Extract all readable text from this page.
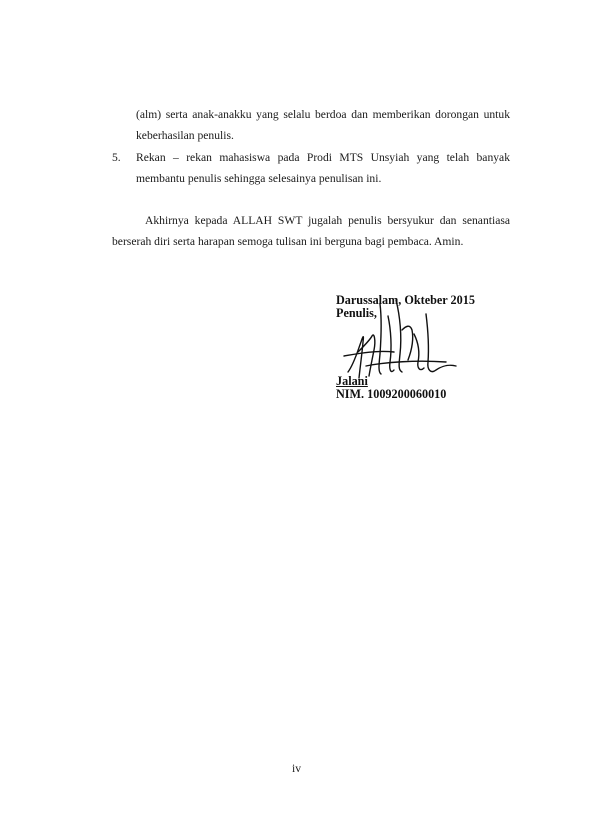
(alm) serta anak-anakku yang selalu berdoa dan memberikan dorongan untuk
keberhasilan penulis.
5. Rekan – rekan mahasiswa pada Prodi MTS Unsyiah yang telah banyak
membantu penulis sehingga selesainya penulisan ini.
Akhirnya kepada ALLAH SWT jugalah penulis bersyukur dan senantiasa
berserah diri serta harapan semoga tulisan ini berguna bagi pembaca. Amin.
Darussalam, Okteber 2015
Penulis,
Jalani
NIM. 1009200060010
iv
